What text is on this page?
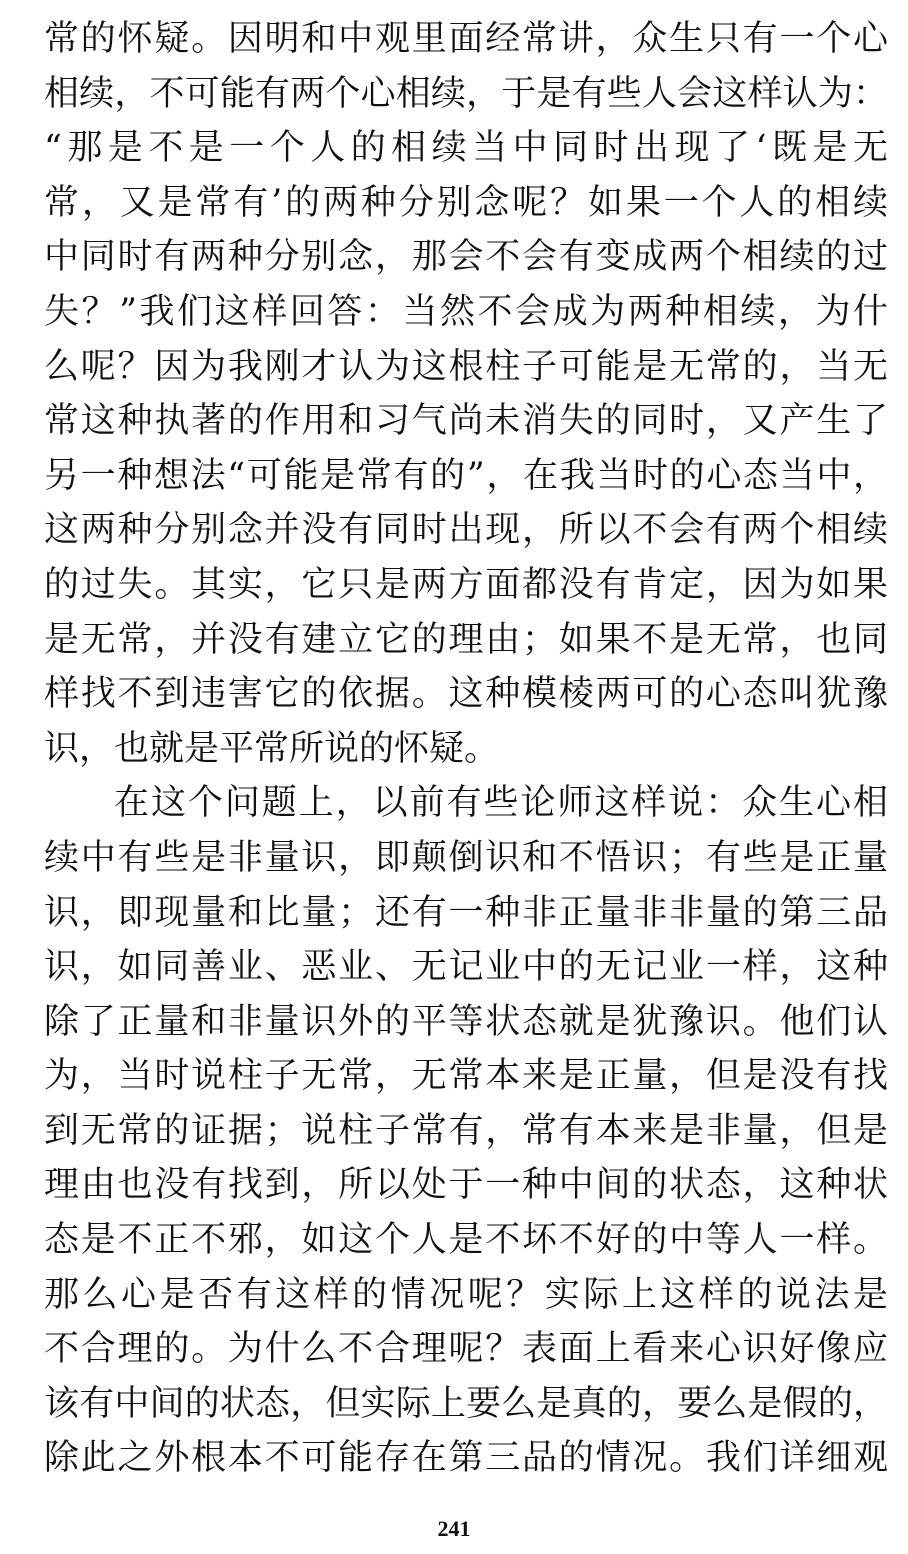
常的怀疑。因明和中观里面经常讲，众生只有一个心
相续，不可能有两个心相续，于是有些人会这样认为：
“那是不是一个人的相续当中同时出现了‘既是无
常，又是常有’的两种分别念呢？如果一个人的相续
中同时有两种分别念，那会不会有变成两个相续的过
失？”我们这样回答：当然不会成为两种相续，为什
么呢？因为我刚才认为这根柱子可能是无常的，当无
常这种执著的作用和习气尚未消失的同时，又产生了
另一种想法“可能是常有的”，在我当时的心态当中，
这两种分别念并没有同时出现，所以不会有两个相续
的过失。其实，它只是两方面都没有肯定，因为如果
是无常，并没有建立它的理由；如果不是无常，也同
样找不到违害它的依据。这种模棱两可的心态叫犹豫
识，也就是平常所说的怀疑。
在这个问题上，以前有些论师这样说：众生心相
续中有些是非量识，即颠倒识和不悟识；有些是正量
识，即现量和比量；还有一种非正量非非量的第三品
识，如同善业、恶业、无记业中的无记业一样，这种
除了正量和非量识外的平等状态就是犹豫识。他们认
为，当时说柱子无常，无常本来是正量，但是没有找
到无常的证据；说柱子常有，常有本来是非量，但是
理由也没有找到，所以处于一种中间的状态，这种状
态是不正不邪，如这个人是不坏不好的中等人一样。
那么心是否有这样的情况呢？实际上这样的说法是
不合理的。为什么不合理呢？表面上看来心识好像应
该有中间的状态，但实际上要么是真的，要么是假的，
除此之外根本不可能存在第三品的情况。我们详细观
241
